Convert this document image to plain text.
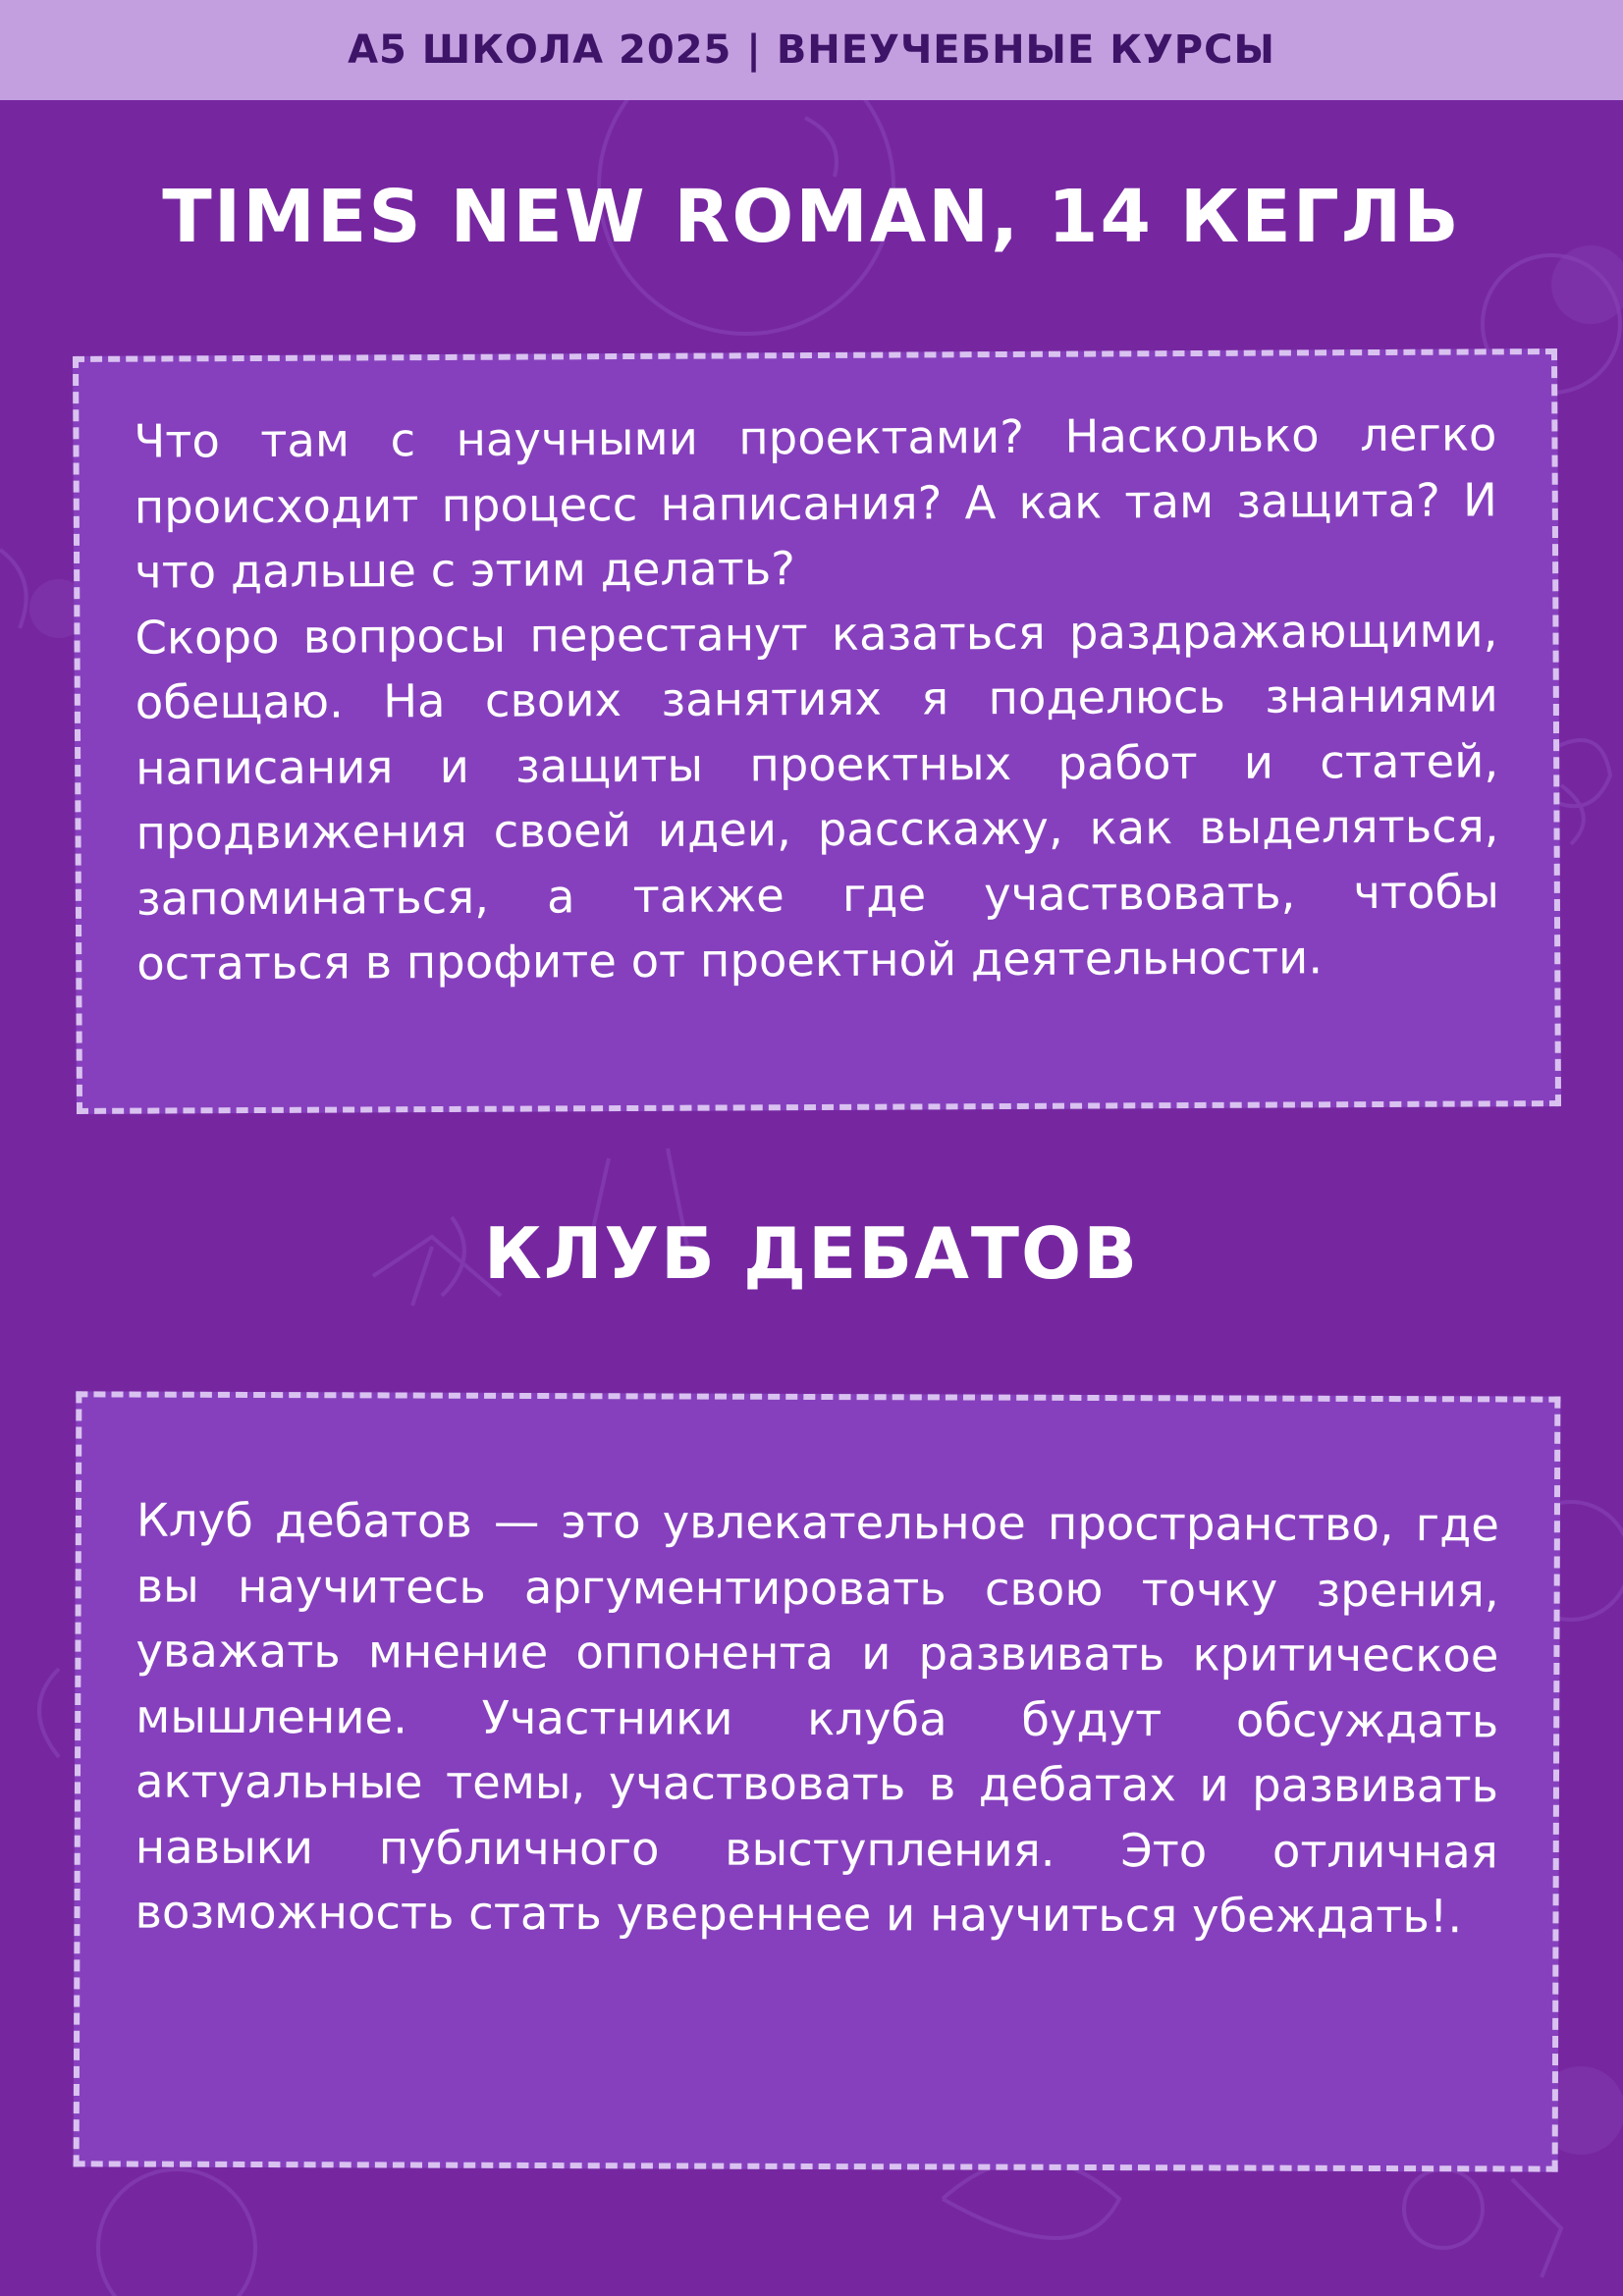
А5 ШКОЛА 2025 | ВНЕУЧЕБНЫЕ КУРСЫ
TIMES NEW ROMAN, 14 КЕГЛЬ

Что там с научными проектами? Насколько легко происходит процесс написания? А как там защита? И что дальше с этим делать?
Скоро вопросы перестанут казаться раздражающими, обещаю. На своих занятиях я поделюсь знаниями написания и защиты проектных работ и статей, продвижения своей идеи, расскажу, как выделяться, запоминаться, а также где участвовать, чтобы остаться в профите от проектной деятельности.

КЛУБ ДЕБАТОВ

Клуб дебатов — это увлекательное пространство, где вы научитесь аргументировать свою точку зрения, уважать мнение оппонента и развивать критическое мышление. Участники клуба будут обсуждать актуальные темы, участвовать в дебатах и развивать навыки публичного выступления. Это отличная возможность стать увереннее и научиться убеждать!.
